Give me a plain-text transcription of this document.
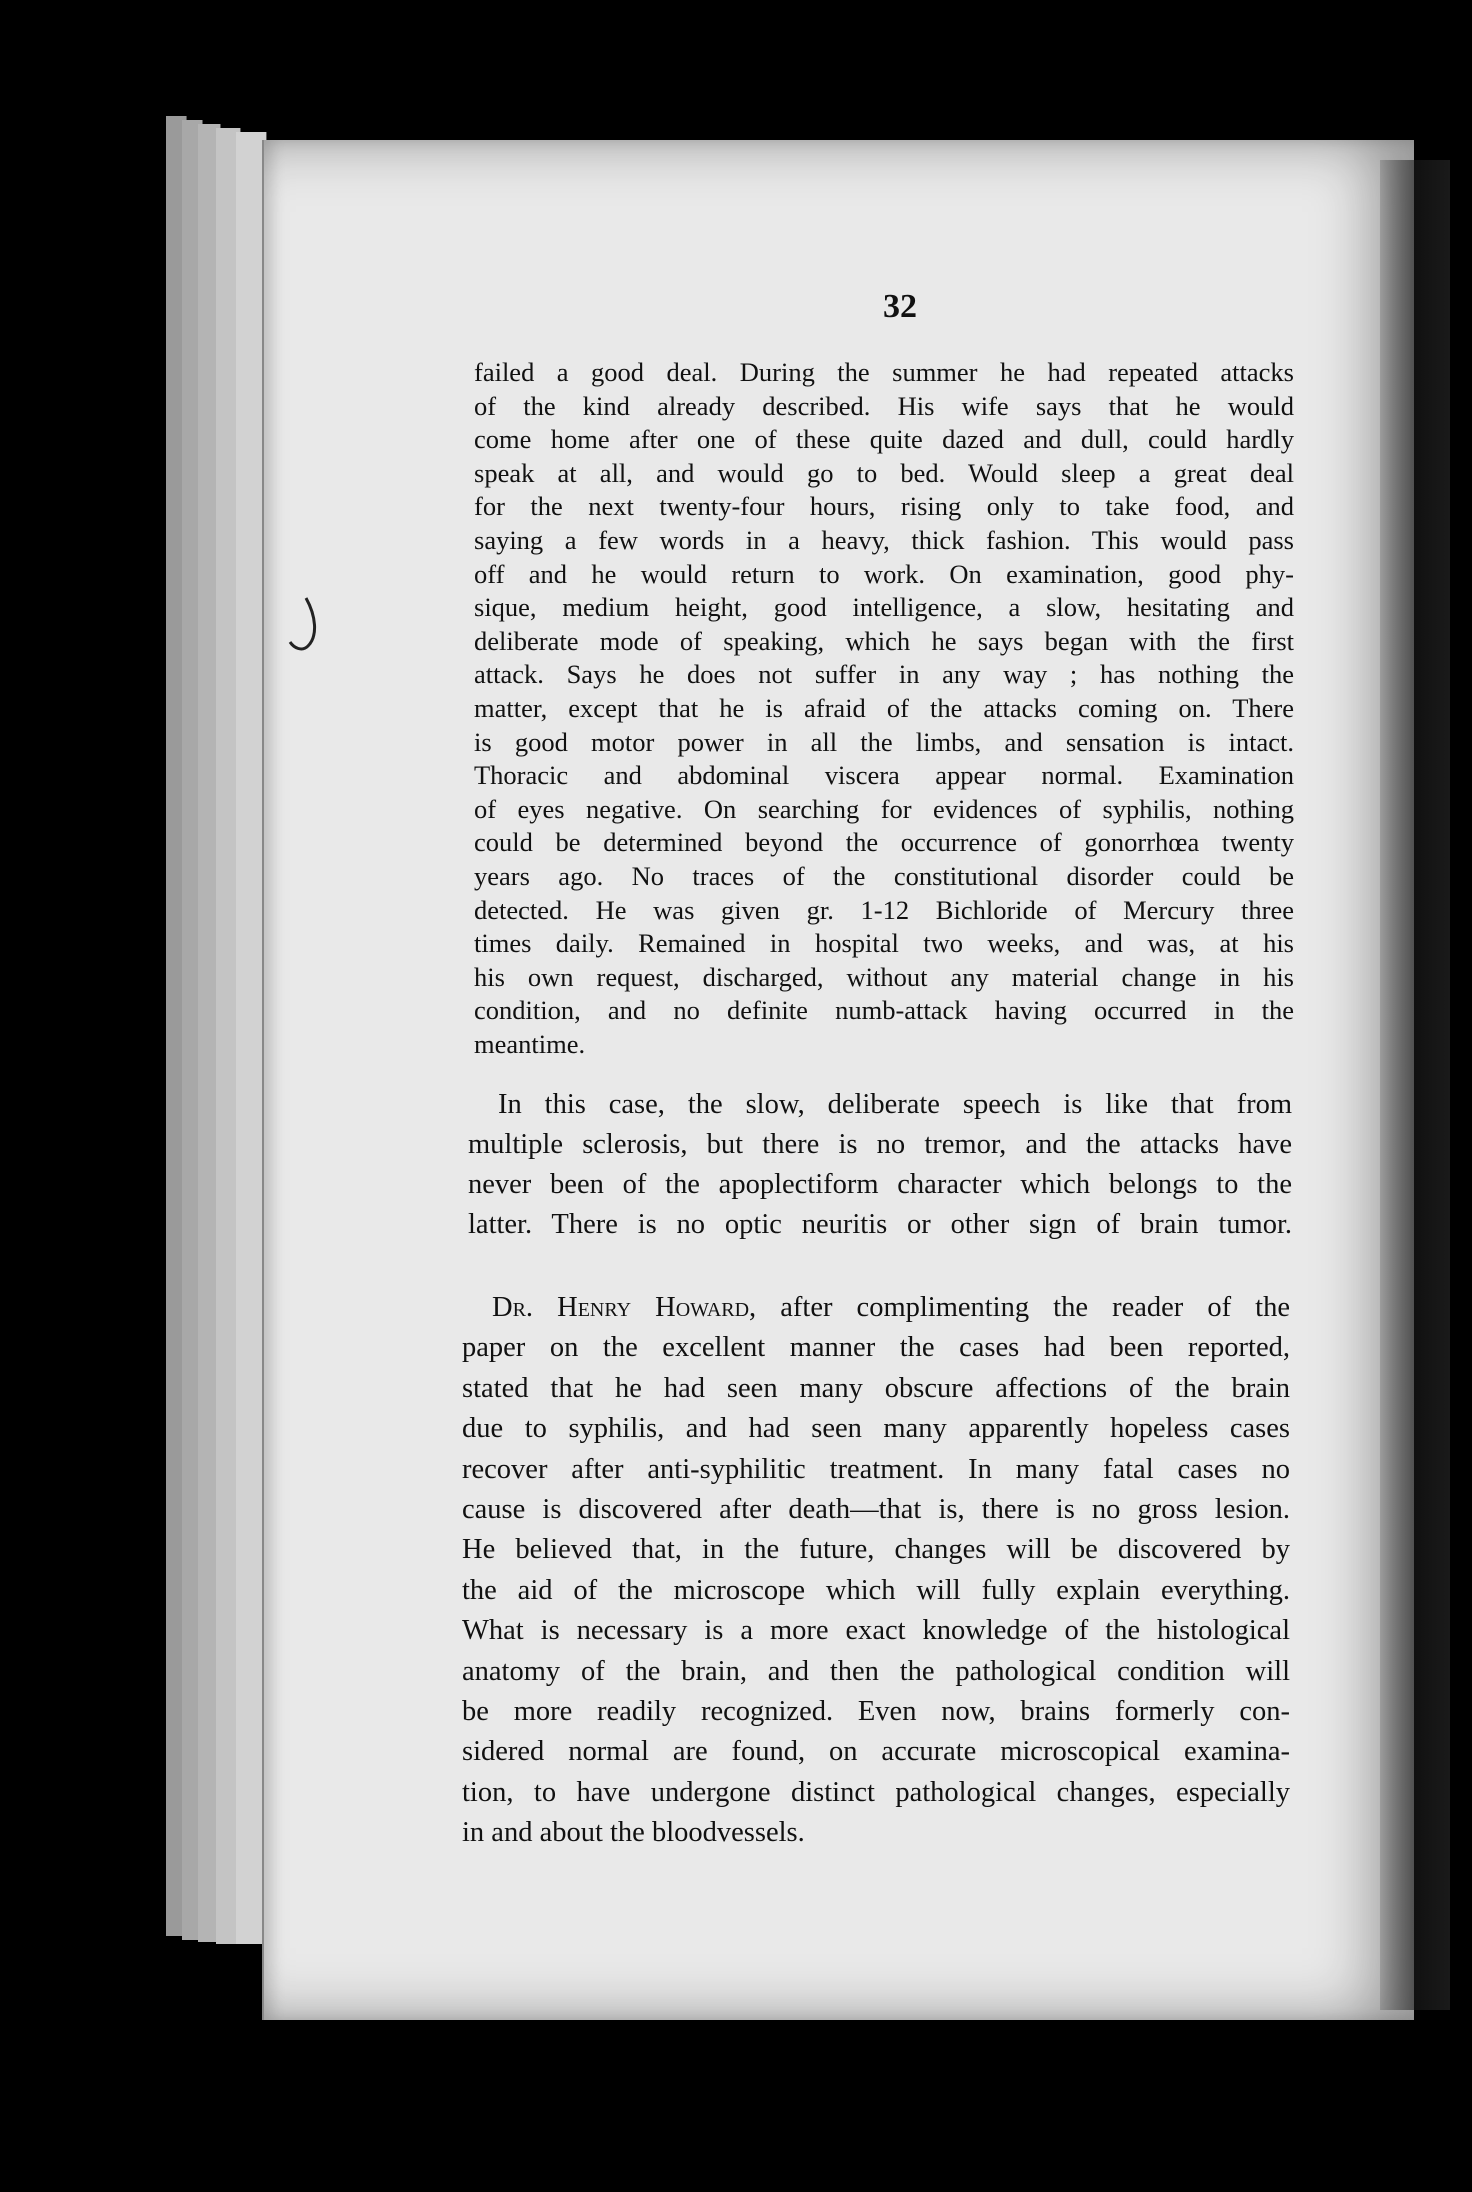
32
failed a good deal. During the summer he had repeated attacks
of the kind already described. His wife says that he would
come home after one of these quite dazed and dull, could hardly
speak at all, and would go to bed. Would sleep a great deal
for the next twenty-four hours, rising only to take food, and
saying a few words in a heavy, thick fashion. This would pass
off and he would return to work. On examination, good phy-
sique, medium height, good intelligence, a slow, hesitating and
deliberate mode of speaking, which he says began with the first
attack. Says he does not suffer in any way ; has nothing the
matter, except that he is afraid of the attacks coming on. There
is good motor power in all the limbs, and sensation is intact.
Thoracic and abdominal viscera appear normal. Examination
of eyes negative. On searching for evidences of syphilis, nothing
could be determined beyond the occurrence of gonorrhœa twenty
years ago. No traces of the constitutional disorder could be
detected. He was given gr. 1-12 Bichloride of Mercury three
times daily. Remained in hospital two weeks, and was, at his
his own request, discharged, without any material change in his
condition, and no definite numb-attack having occurred in the
meantime.
In this case, the slow, deliberate speech is like that from
multiple sclerosis, but there is no tremor, and the attacks have
never been of the apoplectiform character which belongs to the
latter. There is no optic neuritis or other sign of brain tumor.
Dr. Henry Howard, after complimenting the reader of the
paper on the excellent manner the cases had been reported,
stated that he had seen many obscure affections of the brain
due to syphilis, and had seen many apparently hopeless cases
recover after anti-syphilitic treatment. In many fatal cases no
cause is discovered after death—that is, there is no gross lesion.
He believed that, in the future, changes will be discovered by
the aid of the microscope which will fully explain everything.
What is necessary is a more exact knowledge of the histological
anatomy of the brain, and then the pathological condition will
be more readily recognized. Even now, brains formerly con-
sidered normal are found, on accurate microscopical examina-
tion, to have undergone distinct pathological changes, especially
in and about the bloodvessels.
